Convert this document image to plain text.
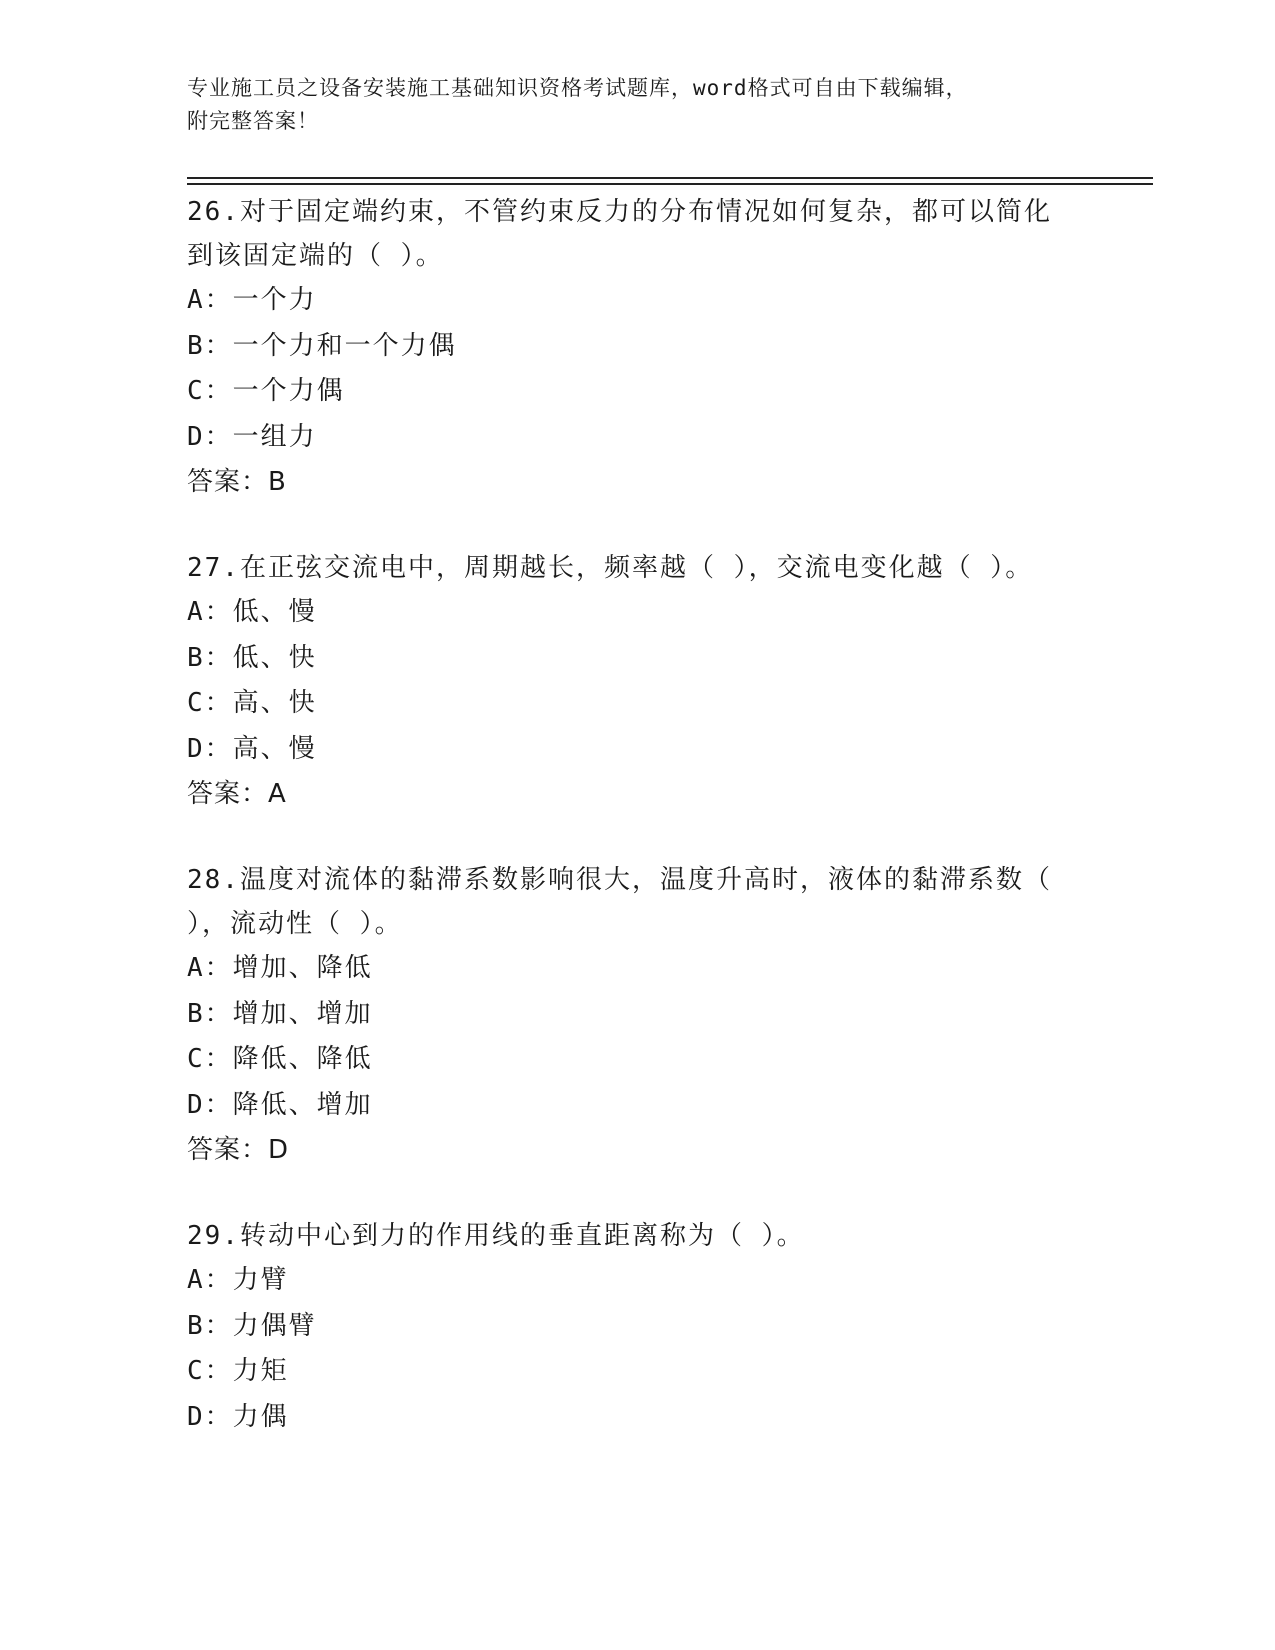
专业施工员之设备安装施工基础知识资格考试题库，word格式可自由下载编辑，
附完整答案！
26.对于固定端约束，不管约束反力的分布情况如何复杂，都可以简化到该固定端的（ ）。
A：一个力
B：一个力和一个力偶
C：一个力偶
D：一组力
答案：B
27.在正弦交流电中，周期越长，频率越（ ），交流电变化越（ ）。
A：低、慢
B：低、快
C：高、快
D：高、慢
答案：A
28.温度对流体的黏滞系数影响很大，温度升高时，液体的黏滞系数（ ），流动性（ ）。
A：增加、降低
B：增加、增加
C：降低、降低
D：降低、增加
答案：D
29.转动中心到力的作用线的垂直距离称为（ ）。
A：力臂
B：力偶臂
C：力矩
D：力偶
